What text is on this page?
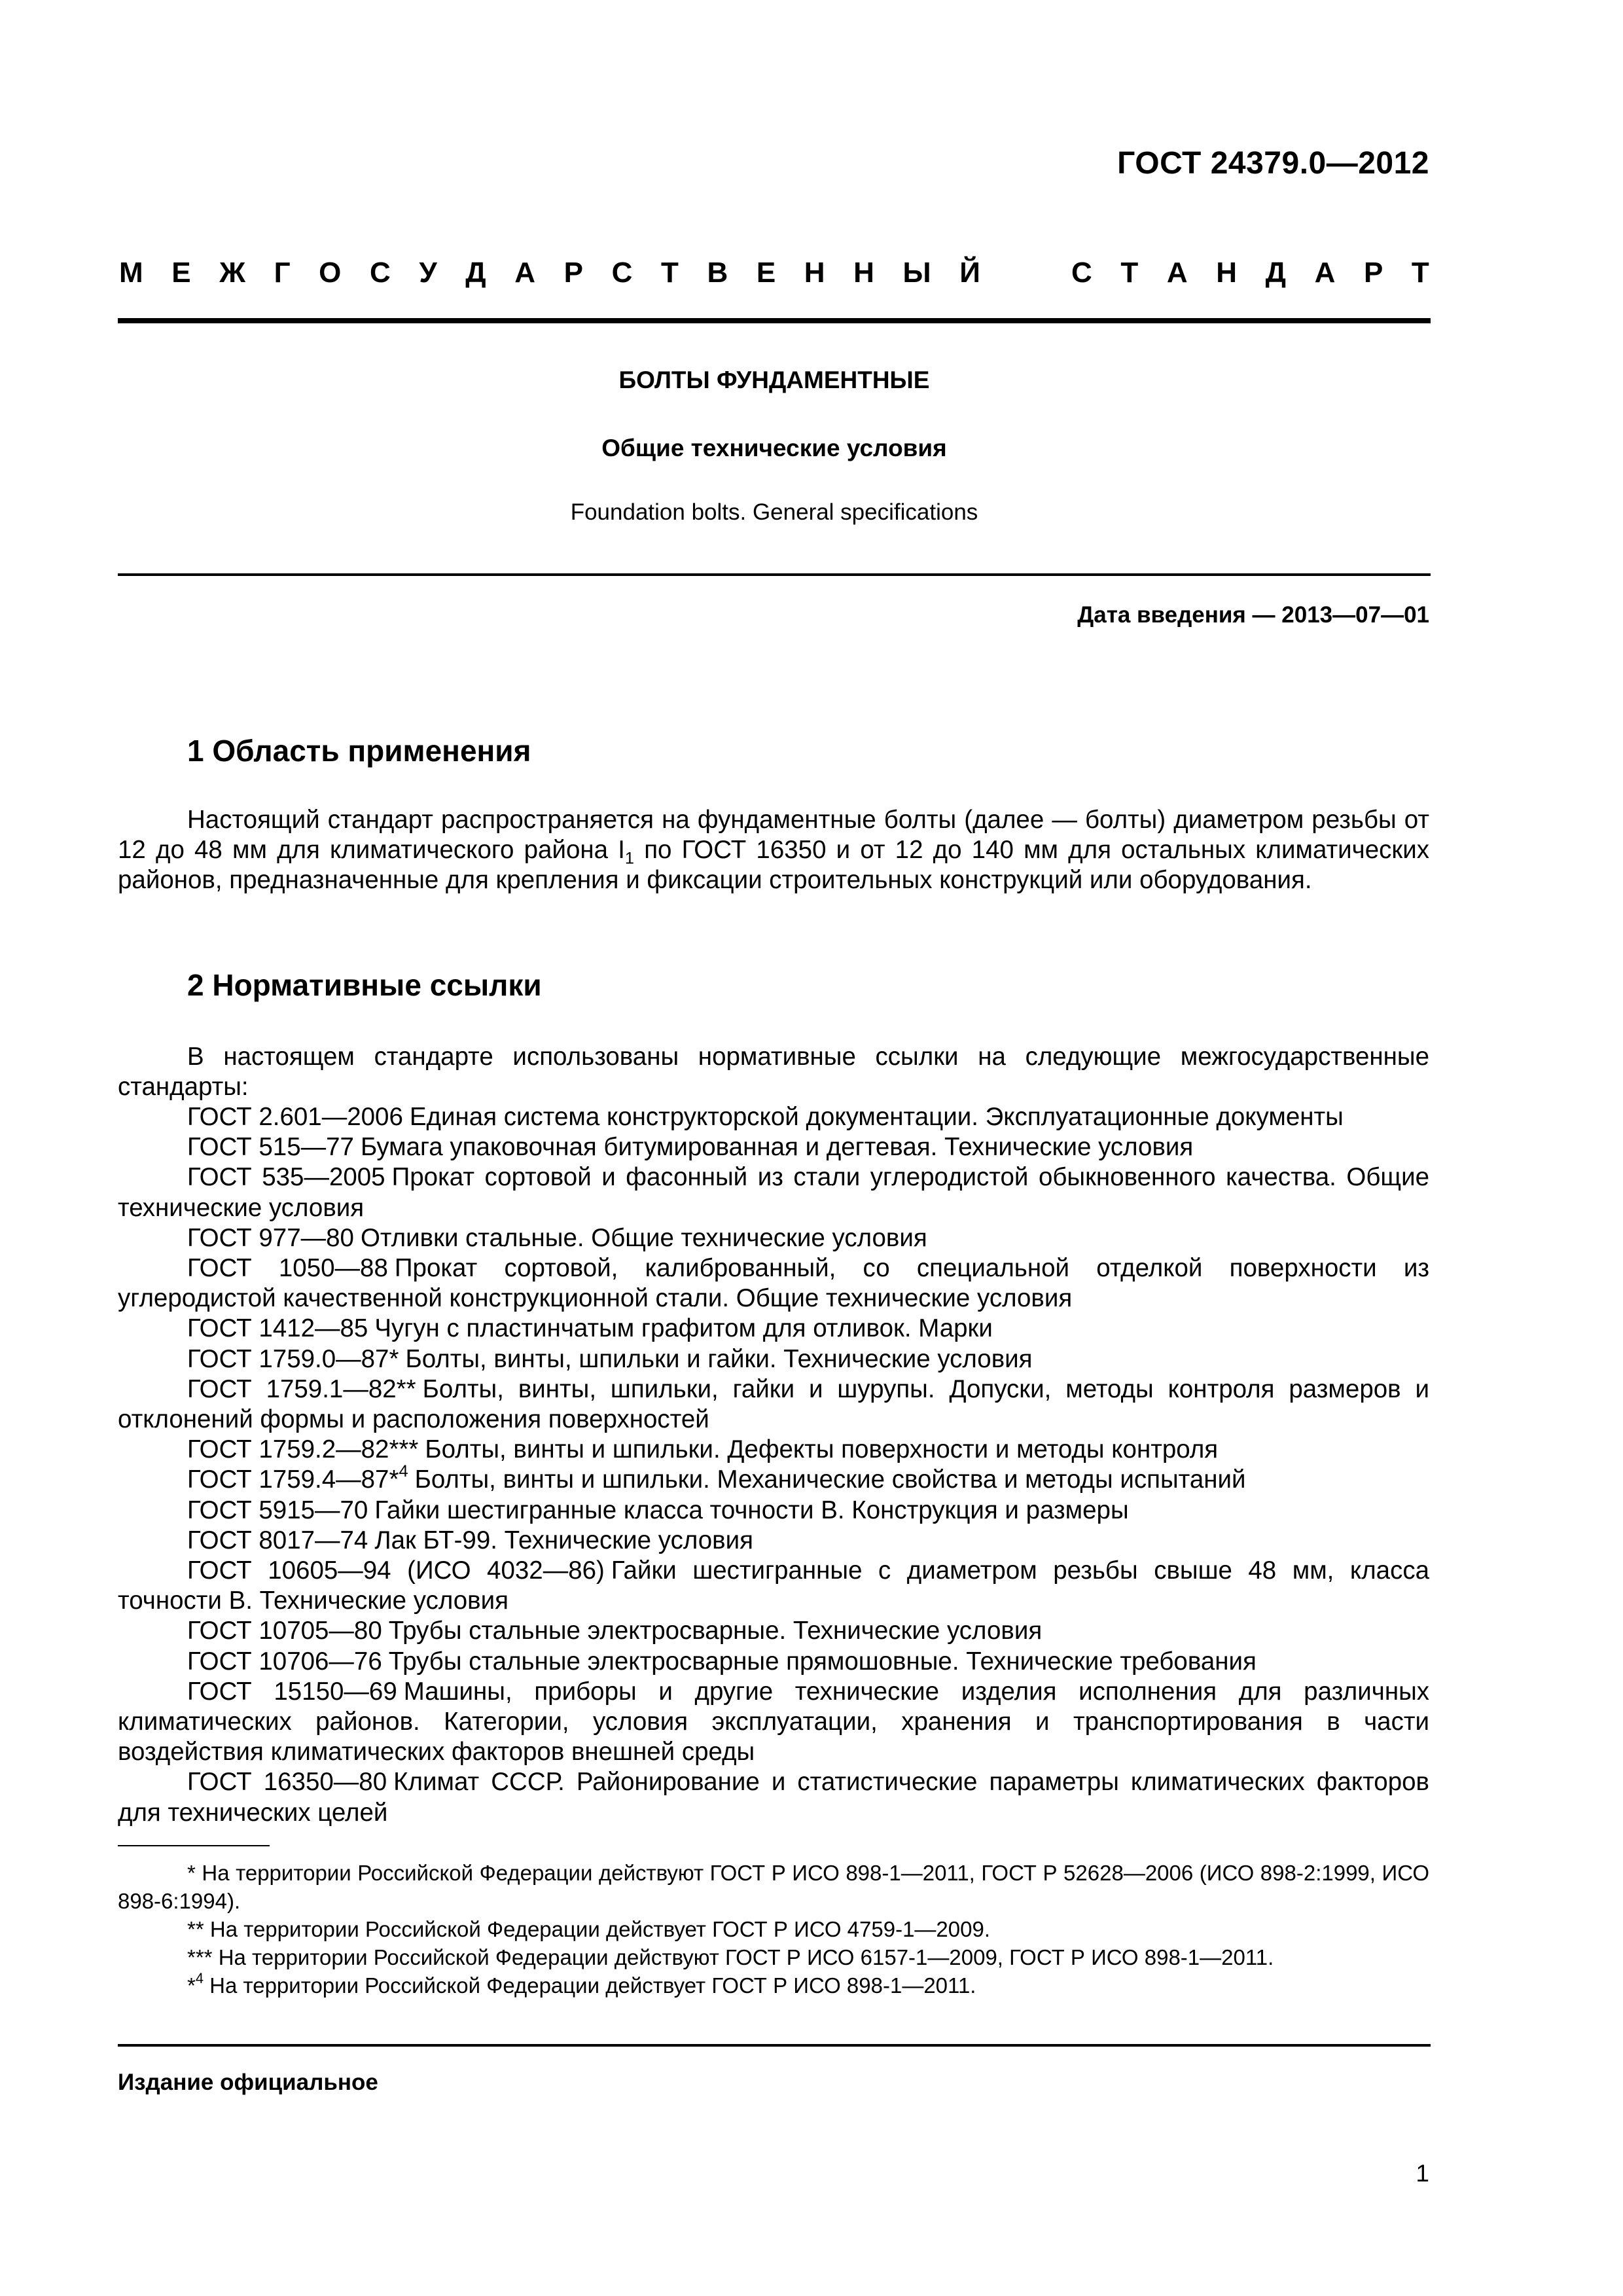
ГОСТ 24379.0—2012
М Е Ж Г О С У Д А Р С Т В Е Н Н Ы Й	С Т А Н Д А Р Т
БОЛТЫ ФУНДАМЕНТНЫЕ
Общие технические условия
Foundation bolts. General specifications
Дата введения — 2013—07—01
1 Область применения
Настоящий стандарт распространяется на фундаментные болты (далее — болты) диаметром резьбы от 12 до 48 мм для климатического района $I_1$ по ГОСТ 16350 и от 12 до 140 мм для остальных климатических районов, предназначенные для крепления и фиксации строительных конструкций или оборудования.
2 Нормативные ссылки
В настоящем стандарте использованы нормативные ссылки на следующие межгосударственные стандарты:
ГОСТ 2.601—2006 Единая система конструкторской документации. Эксплуатационные документы
ГОСТ 515—77 Бумага упаковочная битумированная и дегтевая. Технические условия
ГОСТ 535—2005 Прокат сортовой и фасонный из стали углеродистой обыкновенного качества. Общие технические условия
ГОСТ 977—80 Отливки стальные. Общие технические условия
ГОСТ 1050—88 Прокат сортовой, калиброванный, со специальной отделкой поверхности из углеродистой качественной конструкционной стали. Общие технические условия
ГОСТ 1412—85 Чугун с пластинчатым графитом для отливок. Марки
ГОСТ 1759.0—87* Болты, винты, шпильки и гайки. Технические условия
ГОСТ 1759.1—82** Болты, винты, шпильки, гайки и шурупы. Допуски, методы контроля размеров и отклонений формы и расположения поверхностей
ГОСТ 1759.2—82*** Болты, винты и шпильки. Дефекты поверхности и методы контроля
ГОСТ 1759.4—87*$^4$ Болты, винты и шпильки. Механические свойства и методы испытаний
ГОСТ 5915—70 Гайки шестигранные класса точности В. Конструкция и размеры
ГОСТ 8017—74 Лак БТ-99. Технические условия
ГОСТ 10605—94 (ИСО 4032—86) Гайки шестигранные с диаметром резьбы свыше 48 мм, класса точности В. Технические условия
ГОСТ 10705—80 Трубы стальные электросварные. Технические условия
ГОСТ 10706—76 Трубы стальные электросварные прямошовные. Технические требования
ГОСТ 15150—69 Машины, приборы и другие технические изделия исполнения для различных климатических районов. Категории, условия эксплуатации, хранения и транспортирования в части воздействия климатических факторов внешней среды
ГОСТ 16350—80 Климат СССР. Районирование и статистические параметры климатических факторов для технических целей
* На территории Российской Федерации действуют ГОСТ Р ИСО 898-1—2011, ГОСТ Р 52628—2006 (ИСО 898-2:1999, ИСО 898-6:1994).
** На территории Российской Федерации действует ГОСТ Р ИСО 4759-1—2009.
*** На территории Российской Федерации действуют ГОСТ Р ИСО 6157-1—2009, ГОСТ Р ИСО 898-1—2011.
*$^4$ На территории Российской Федерации действует ГОСТ Р ИСО 898-1—2011.
Издание официальное
1
